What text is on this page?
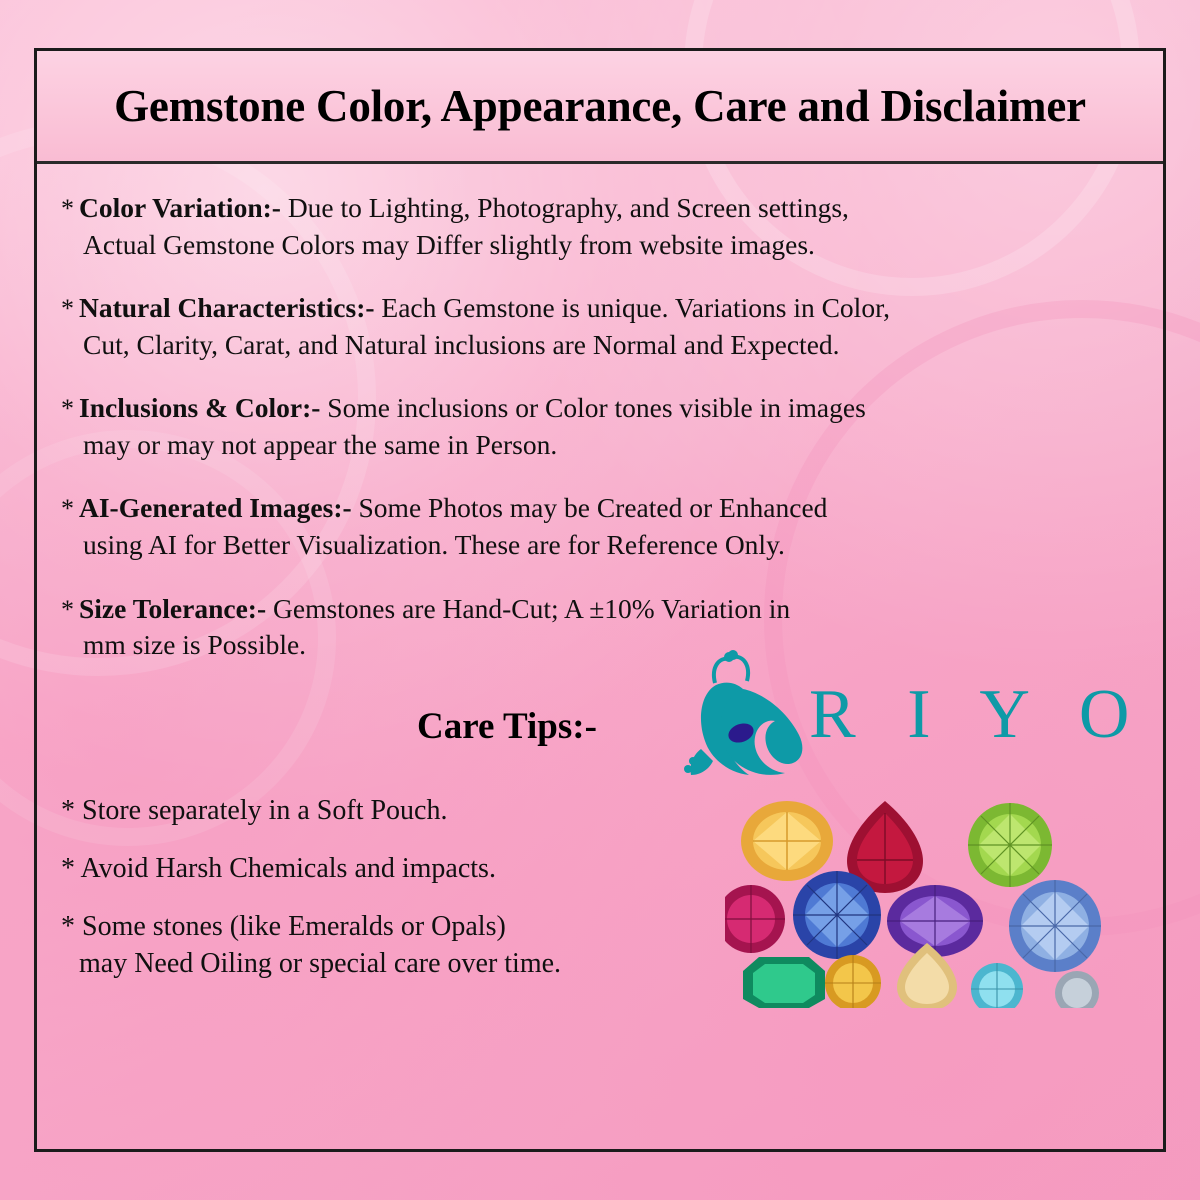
Gemstone Color, Appearance, Care and Disclaimer
* Color Variation:- Due to Lighting, Photography, and Screen settings,
Actual Gemstone Colors may Differ slightly from website images.
* Natural Characteristics:- Each Gemstone is unique. Variations in Color,
Cut, Clarity, Carat, and Natural inclusions are Normal and Expected.
* Inclusions & Color:- Some inclusions or Color tones visible in images
may or may not appear the same in Person.
* AI-Generated Images:- Some Photos may be Created or Enhanced
using AI for Better Visualization. These are for Reference Only.
* Size Tolerance:- Gemstones are Hand-Cut; A ±10% Variation in
mm size is Possible.
Care Tips:-	R I Y O
* Store separately in a Soft Pouch.
* Avoid Harsh Chemicals and impacts.
* Some stones (like Emeralds or Opals)
may Need Oiling or special care over time.
